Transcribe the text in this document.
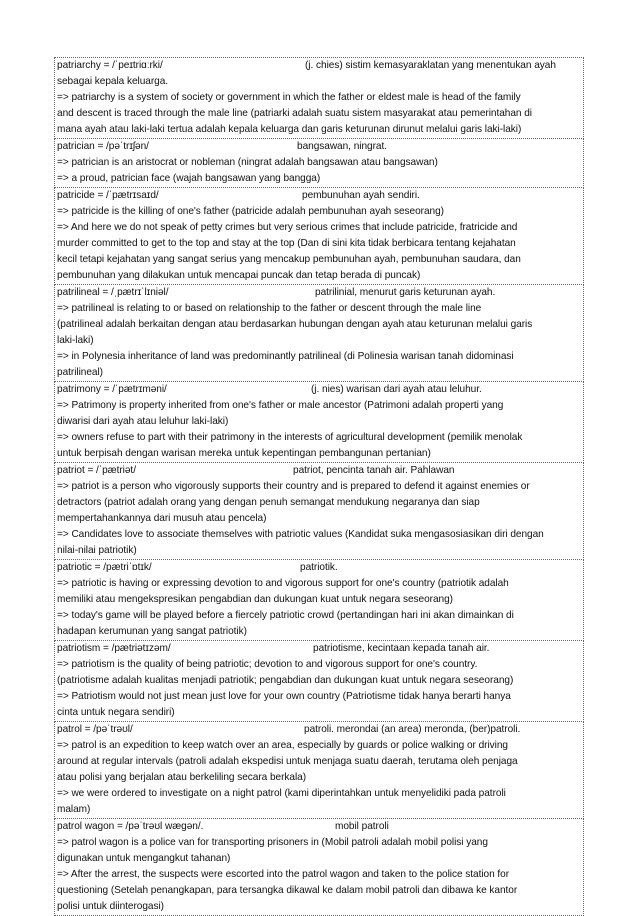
patriarchy = /ˈpeɪtriɑːrki/	(j. chies) sistim kemasyaraklatan yang menentukan ayah
sebagai kepala keluarga.
=> patriarchy is a system of society or government in which the father or eldest male is head of the family
and descent is traced through the male line (patriarki adalah suatu sistem masyarakat atau pemerintahan di
mana ayah atau laki-laki tertua adalah kepala keluarga dan garis keturunan dirunut melalui garis laki-laki)
patrician = /pəˈtrɪʃən/	bangsawan, ningrat.
=> patrician is an aristocrat or nobleman (ningrat adalah bangsawan atau bangsawan)
=> a proud, patrician face (wajah bangsawan yang bangga)
patricide = /ˈpætrɪsaɪd/	pembunuhan ayah sendiri.
=> patricide is the killing of one's father (patricide adalah pembunuhan ayah seseorang)
=> And here we do not speak of petty crimes but very serious crimes that include patricide, fratricide and
murder committed to get to the top and stay at the top (Dan di sini kita tidak berbicara tentang kejahatan
kecil tetapi kejahatan yang sangat serius yang mencakup pembunuhan ayah, pembunuhan saudara, dan
pembunuhan yang dilakukan untuk mencapai puncak dan tetap berada di puncak)
patrilineal = /ˌpætrɪˈlɪniəl/	patrilinial, menurut garis keturunan ayah.
=> patrilineal is relating to or based on relationship to the father or descent through the male line
(patrilineal adalah berkaitan dengan atau berdasarkan hubungan dengan ayah atau keturunan melalui garis
laki-laki)
=> in Polynesia inheritance of land was predominantly patrilineal (di Polinesia warisan tanah didominasi
patrilineal)
patrimony = /ˈpætrɪməni/	(j. nies) warisan dari ayah atau leluhur.
=> Patrimony is property inherited from one's father or male ancestor (Patrimoni adalah properti yang
diwarisi dari ayah atau leluhur laki-laki)
=> owners refuse to part with their patrimony in the interests of agricultural development (pemilik menolak
untuk berpisah dengan warisan mereka untuk kepentingan pembangunan pertanian)
patriot = /ˈpætriət/	patriot, pencinta tanah air. Pahlawan
=> patriot is a person who vigorously supports their country and is prepared to defend it against enemies or
detractors (patriot adalah orang yang dengan penuh semangat mendukung negaranya dan siap
mempertahankannya dari musuh atau pencela)
=> Candidates love to associate themselves with patriotic values (Kandidat suka mengasosiasikan diri dengan
nilai-nilai patriotik)
patriotic = /pætriˈɒtɪk/	patriotik.
=> patriotic is having or expressing devotion to and vigorous support for one's country (patriotik adalah
memiliki atau mengekspresikan pengabdian dan dukungan kuat untuk negara seseorang)
=> today's game will be played before a fiercely patriotic crowd (pertandingan hari ini akan dimainkan di
hadapan kerumunan yang sangat patriotik)
patriotism = /pætriətɪzəm/	patriotisme, kecintaan kepada tanah air.
=> patriotism is the quality of being patriotic; devotion to and vigorous support for one's country.
(patriotisme adalah kualitas menjadi patriotik; pengabdian dan dukungan kuat untuk negara seseorang)
=> Patriotism would not just mean just love for your own country (Patriotisme tidak hanya berarti hanya
cinta untuk negara sendiri)
patrol = /pəˈtrəʊl/	patroli. merondai (an area) meronda, (ber)patroli.
=> patrol is an expedition to keep watch over an area, especially by guards or police walking or driving
around at regular intervals (patroli adalah ekspedisi untuk menjaga suatu daerah, terutama oleh penjaga
atau polisi yang berjalan atau berkeliling secara berkala)
=> we were ordered to investigate on a night patrol (kami diperintahkan untuk menyelidiki pada patroli
malam)
patrol wagon = /pəˈtrəʊl wægən/.	mobil patroli
=> patrol wagon is a police van for transporting prisoners in (Mobil patroli adalah mobil polisi yang
digunakan untuk mengangkut tahanan)
=> After the arrest, the suspects were escorted into the patrol wagon and taken to the police station for
questioning (Setelah penangkapan, para tersangka dikawal ke dalam mobil patroli dan dibawa ke kantor
polisi untuk diinterogasi)
